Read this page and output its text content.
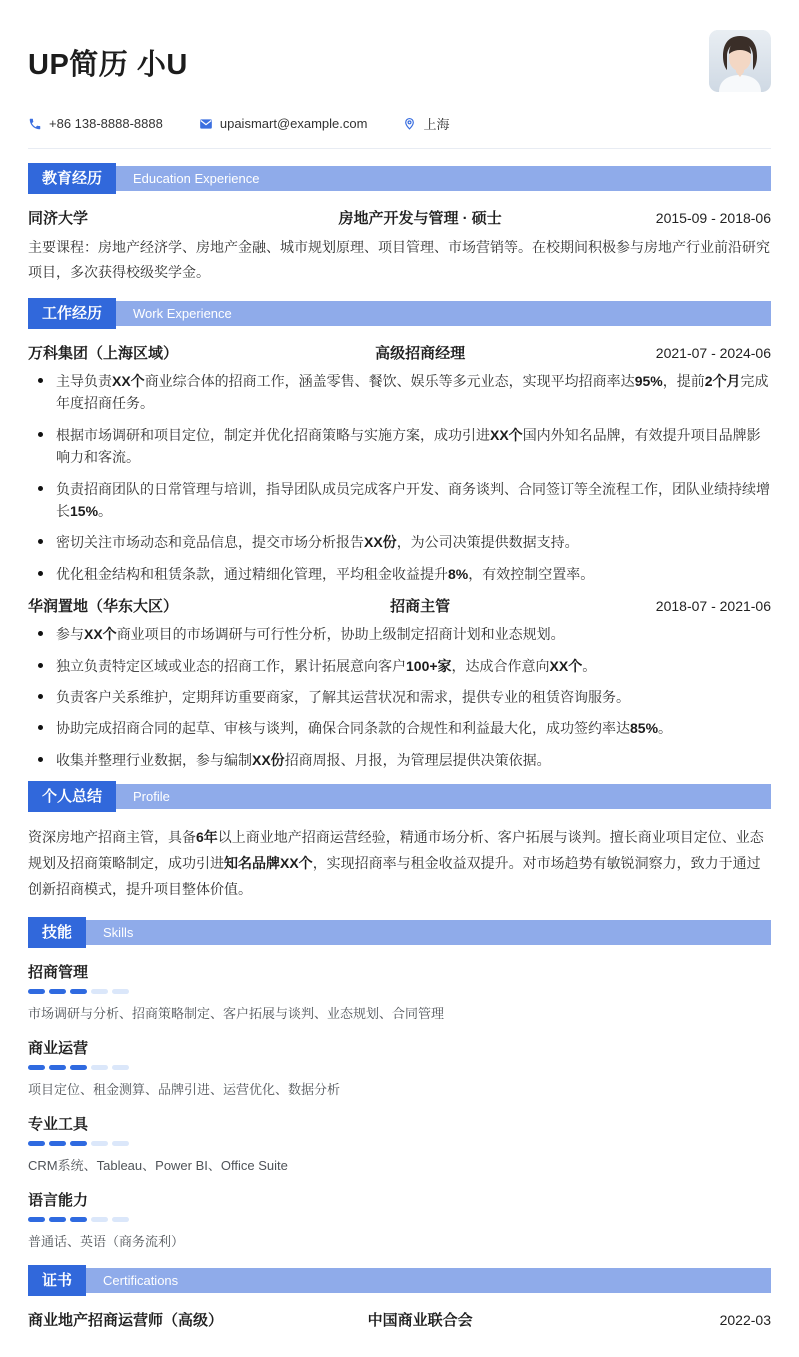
UP简历 小U
+86 138-8888-8888	upaismart@example.com	上海
教育经历	Education Experience
同济大学	房地产开发与管理 · 硕士	2015-09 - 2018-06

主要课程：房地产经济学、房地产金融、城市规划原理、项目管理、市场营销等。在校期间积极参与房地产行业前沿研究项目，多次获得校级奖学金。

工作经历	Work Experience
万科集团（上海区域）	高级招商经理	2021-07 - 2024-06
主导负责XX个商业综合体的招商工作，涵盖零售、餐饮、娱乐等多元业态，实现平均招商率达95%，提前2个月完成年度招商任务。
根据市场调研和项目定位，制定并优化招商策略与实施方案，成功引进XX个国内外知名品牌，有效提升项目品牌影响力和客流。
负责招商团队的日常管理与培训，指导团队成员完成客户开发、商务谈判、合同签订等全流程工作，团队业绩持续增长15%。
密切关注市场动态和竞品信息，提交市场分析报告XX份，为公司决策提供数据支持。
优化租金结构和租赁条款，通过精细化管理，平均租金收益提升8%，有效控制空置率。
华润置地（华东大区）	招商主管	2018-07 - 2021-06
参与XX个商业项目的市场调研与可行性分析，协助上级制定招商计划和业态规划。
独立负责特定区域或业态的招商工作，累计拓展意向客户100+家，达成合作意向XX个。
负责客户关系维护，定期拜访重要商家，了解其运营状况和需求，提供专业的租赁咨询服务。
协助完成招商合同的起草、审核与谈判，确保合同条款的合规性和利益最大化，成功签约率达85%。
收集并整理行业数据，参与编制XX份招商周报、月报，为管理层提供决策依据。
个人总结	Profile

资深房地产招商主管，具备6年以上商业地产招商运营经验，精通市场分析、客户拓展与谈判。擅长商业项目定位、业态规划及招商策略制定，成功引进知名品牌XX个，实现招商率与租金收益双提升。对市场趋势有敏锐洞察力，致力于通过创新招商模式，提升项目整体价值。

技能	Skills
招商管理
市场调研与分析、招商策略制定、客户拓展与谈判、业态规划、合同管理
商业运营
项目定位、租金测算、品牌引进、运营优化、数据分析
专业工具
CRM系统、Tableau、Power BI、Office Suite
语言能力
普通话、英语（商务流利）
证书	Certifications
商业地产招商运营师（高级）	中国商业联合会	2022-03
